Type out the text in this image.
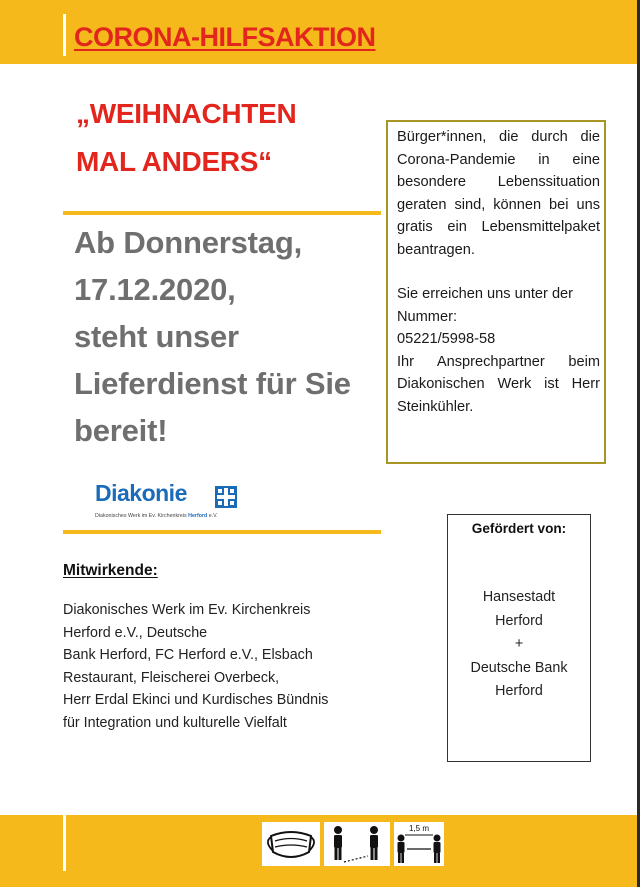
CORONA-HILFSAKTION
„WEIHNACHTEN
MAL ANDERS“
Ab Donnerstag,
17.12.2020,
steht unser
Lieferdienst für Sie
bereit!

Bürger*innen, die durch die Corona-Pandemie in eine besondere Lebenssituation geraten sind, können bei uns gratis ein Lebensmittelpaket beantragen.

Sie erreichen uns unter der Nummer:

05221/5998-58

Ihr Ansprechpartner beim Diakonischen Werk ist Herr Steinkühler.

Diakonie
Diakonisches Werk im Ev. Kirchenkreis Herford e.V.
Mitwirkende:
Diakonisches Werk im Ev. Kirchenkreis
Herford e.V., Deutsche
Bank Herford, FC Herford e.V., Elsbach
Restaurant, Fleischerei Overbeck,
Herr Erdal Ekinci und Kurdisches Bündnis
für Integration und kulturelle Vielfalt
Gefördert von:
Hansestadt
Herford
+
Deutsche Bank
Herford
1,5 m
